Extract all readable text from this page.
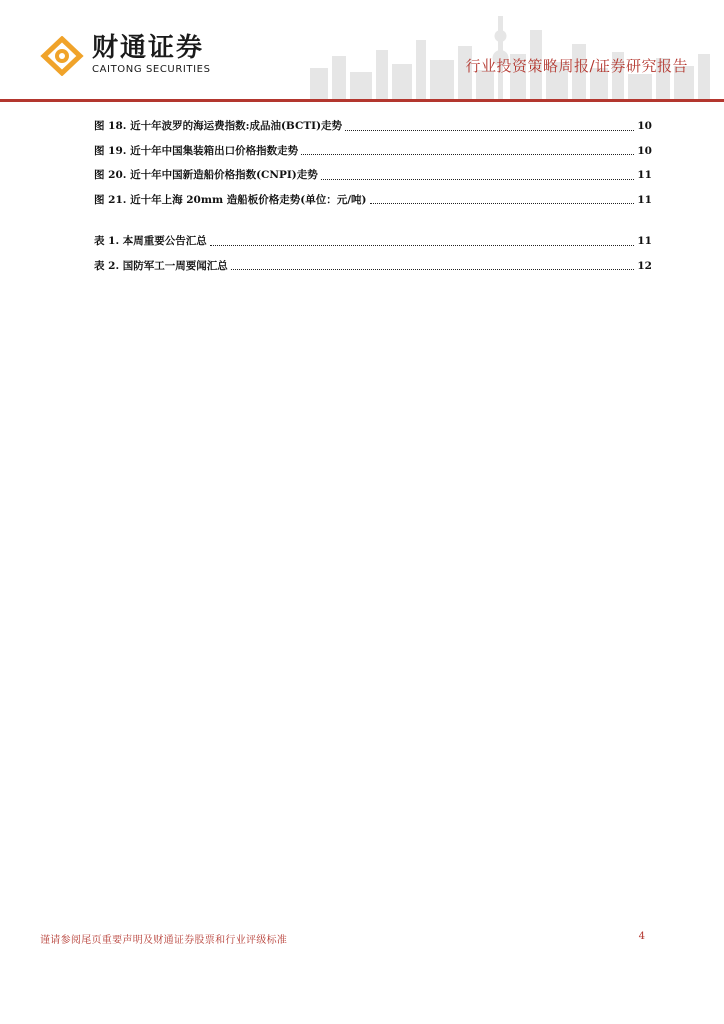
财通证券
CAITONG SECURITIES	行业投资策略周报/证券研究报告
图 18. 近十年波罗的海运费指数:成品油(BCTI)走势	10
图 19. 近十年中国集装箱出口价格指数走势	10
图 20. 近十年中国新造船价格指数(CNPI)走势	11
图 21. 近十年上海 20mm 造船板价格走势(单位：元/吨)	11
表 1. 本周重要公告汇总	11
表 2. 国防军工一周要闻汇总	12
谨请参阅尾页重要声明及财通证券股票和行业评级标准	4
